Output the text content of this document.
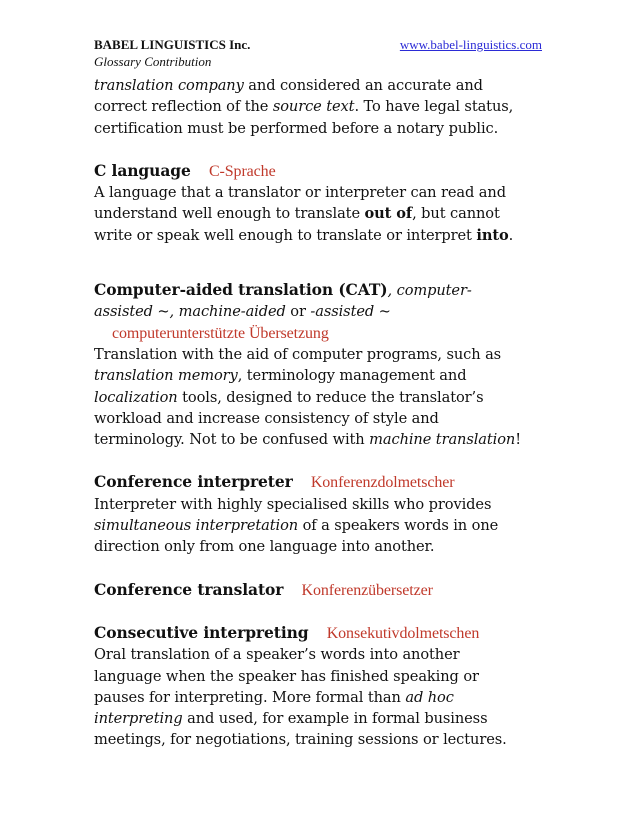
BABEL LINGUISTICS Inc.	www.babel-linguistics.com
Glossary Contribution

translation company and considered an accurate and

correct reflection of the source text. To have legal status,

certification must be performed before a notary public.

C language C-Sprache

A language that a translator or interpreter can read and

understand well enough to translate out of, but cannot

write or speak well enough to translate or interpret into.

Computer-aided translation (CAT), computer-

assisted ~, machine-aided or -assisted ~

computerunterstützte Übersetzung

Translation with the aid of computer programs, such as

translation memory, terminology management and

localization tools, designed to reduce the translator’s

workload and increase consistency of style and

terminology. Not to be confused with machine translation!

Conference interpreter Konferenzdolmetscher

Interpreter with highly specialised skills who provides

simultaneous interpretation of a speakers words in one

direction only from one language into another.

Conference translator Konferenzübersetzer

Consecutive interpreting Konsekutivdolmetschen

Oral translation of a speaker’s words into another

language when the speaker has finished speaking or

pauses for interpreting. More formal than ad hoc

interpreting and used, for example in formal business

meetings, for negotiations, training sessions or lectures.
